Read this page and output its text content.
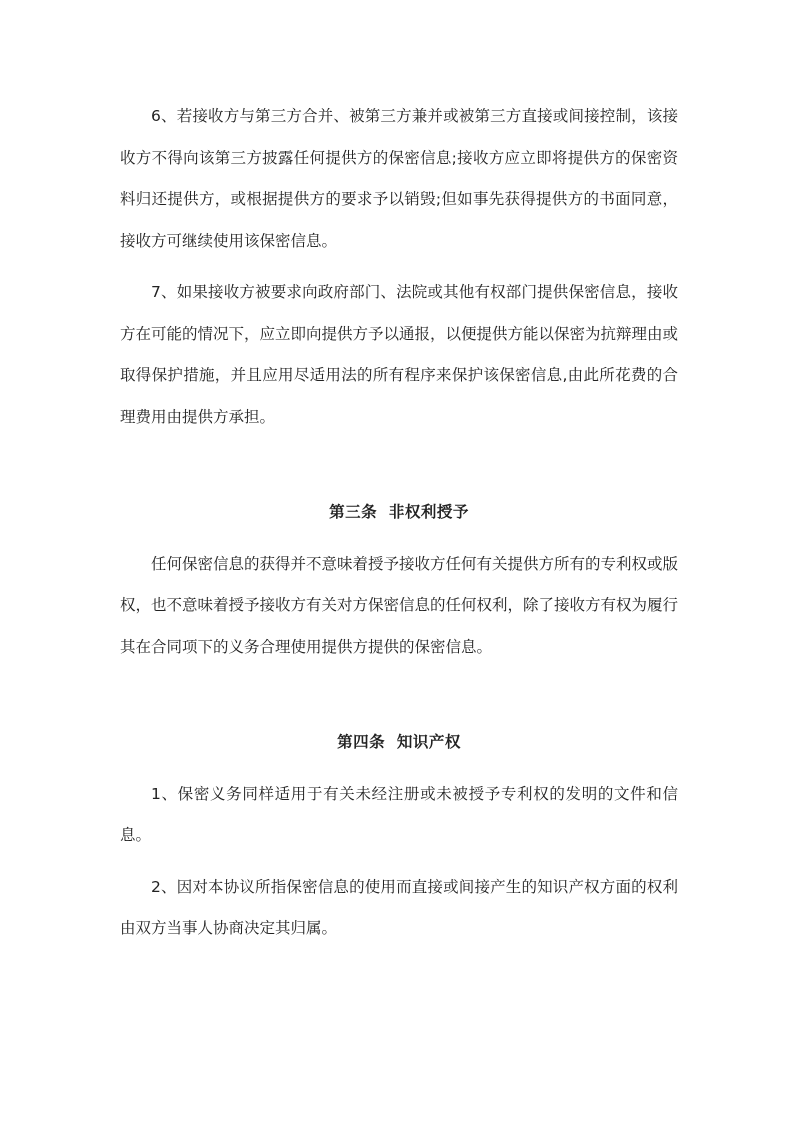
6、若接收方与第三方合并、被第三方兼并或被第三方直接或间接控制，该接收方不得向该第三方披露任何提供方的保密信息;接收方应立即将提供方的保密资料归还提供方，或根据提供方的要求予以销毁;但如事先获得提供方的书面同意，接收方可继续使用该保密信息。

7、如果接收方被要求向政府部门、法院或其他有权部门提供保密信息，接收方在可能的情况下，应立即向提供方予以通报，以便提供方能以保密为抗辩理由或取得保护措施，并且应用尽适用法的所有程序来保护该保密信息,由此所花费的合理费用由提供方承担。

第三条  非权利授予

任何保密信息的获得并不意味着授予接收方任何有关提供方所有的专利权或版权，也不意味着授予接收方有关对方保密信息的任何权利，除了接收方有权为履行其在合同项下的义务合理使用提供方提供的保密信息。

第四条  知识产权

1、保密义务同样适用于有关未经注册或未被授予专利权的发明的文件和信息。

2、因对本协议所指保密信息的使用而直接或间接产生的知识产权方面的权利由双方当事人协商决定其归属。
